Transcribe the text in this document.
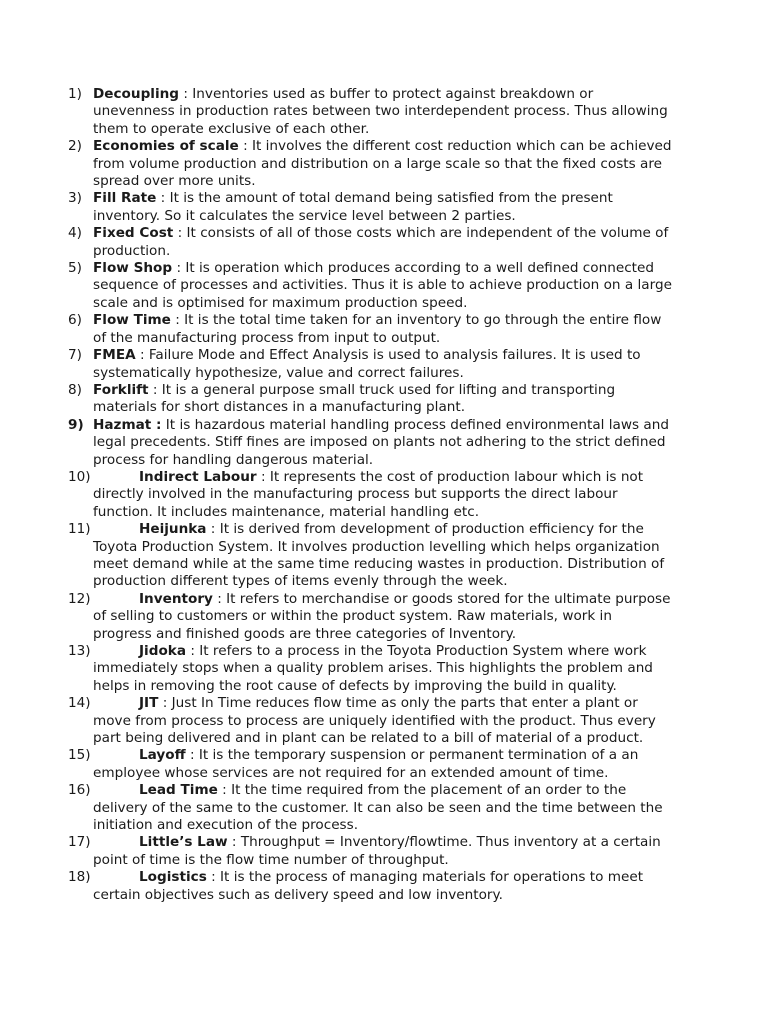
1) Decoupling : Inventories used as buffer to protect against breakdown or unevenness in production rates between two interdependent process. Thus allowing them to operate exclusive of each other.
2) Economies of scale : It involves the different cost reduction which can be achieved from volume production and distribution on a large scale so that the fixed costs are spread over more units.
3) Fill Rate : It is the amount of total demand being satisfied from the present inventory. So it calculates the service level between 2 parties.
4) Fixed Cost : It consists of all of those costs which are independent of the volume of production.
5) Flow Shop : It is operation which produces according to a well defined connected sequence of processes and activities. Thus it is able to achieve production on a large scale and is optimised for maximum production speed.
6) Flow Time : It is the total time taken for an inventory to go through the entire flow of the manufacturing process from input to output.
7) FMEA : Failure Mode and Effect Analysis is used to analysis failures. It is used to systematically hypothesize, value and correct failures.
8) Forklift : It is a general purpose small truck used for lifting and transporting materials for short distances in a manufacturing plant.
9) Hazmat : It is hazardous material handling process defined environmental laws and legal precedents. Stiff fines are imposed on plants not adhering to the strict defined process for handling dangerous material.
10)	Indirect Labour : It represents the cost of production labour which is not directly involved in the manufacturing process but supports the direct labour function. It includes maintenance, material handling etc.
11)	Heijunka : It is derived from development of production efficiency for the Toyota Production System. It involves production levelling which helps organization meet demand while at the same time reducing wastes in production. Distribution of production different types of items evenly through the week.
12)	Inventory : It refers to merchandise or goods stored for the ultimate purpose of selling to customers or within the product system. Raw materials, work in progress and finished goods are three categories of Inventory.
13)	Jidoka : It refers to a process in the Toyota Production System where work immediately stops when a quality problem arises. This highlights the problem and helps in removing the root cause of defects by improving the build in quality.
14)	JIT : Just In Time reduces flow time as only the parts that enter a plant or move from process to process are uniquely identified with the product. Thus every part being delivered and in plant can be related to a bill of material of a product.
15)	Layoff : It is the temporary suspension or permanent termination of a an employee whose services are not required for an extended amount of time.
16)	Lead Time : It the time required from the placement of an order to the delivery of the same to the customer. It can also be seen and the time between the initiation and execution of the process.
17)	Little’s Law : Throughput = Inventory/flowtime. Thus inventory at a certain point of time is the flow time number of throughput.
18)	Logistics : It is the process of managing materials for operations to meet certain objectives such as delivery speed and low inventory.
